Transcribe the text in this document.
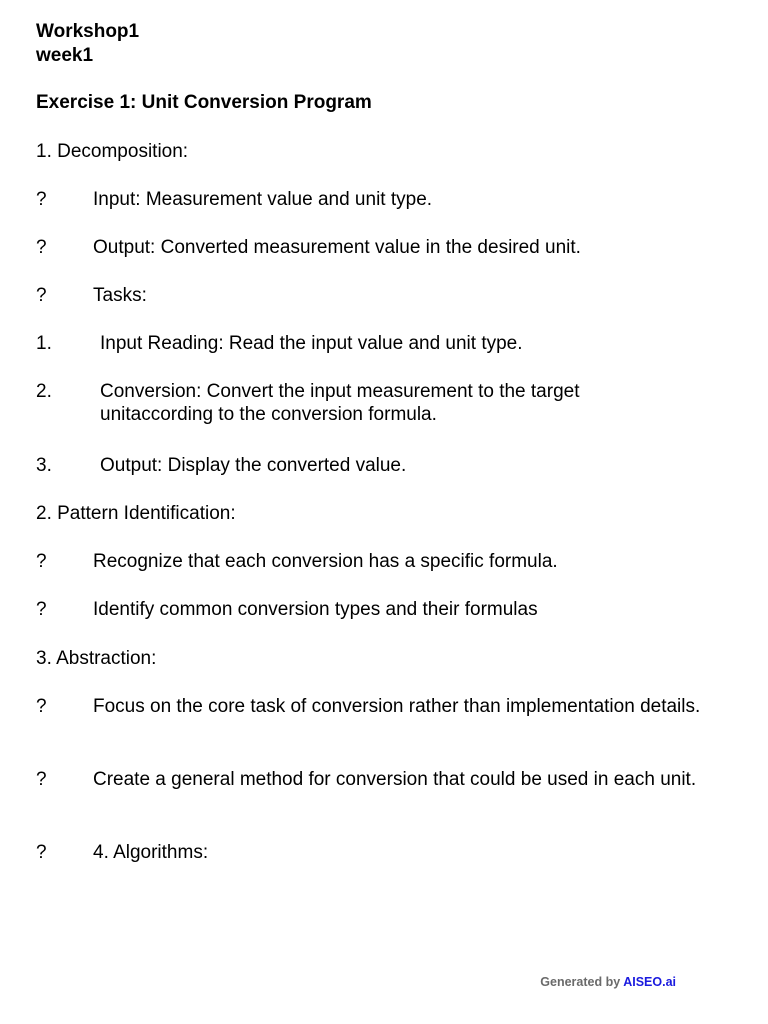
Workshop1
week1
Exercise 1: Unit Conversion Program
1. Decomposition:
? Input: Measurement value and unit type.
? Output: Converted measurement value in the desired unit.
? Tasks:
1.	Input Reading: Read the input value and unit type.
2.	Conversion: Convert the input measurement to the target
unitaccording to the conversion formula.
3.	Output: Display the converted value.
2. Pattern Identification:
? Recognize that each conversion has a specific formula.
? Identify common conversion types and their formulas
3. Abstraction:
? Focus on the core task of conversion rather than implementation details.
? Create a general method for conversion that could be used in each unit.
? 4. Algorithms:
Generated by AISEO.ai
